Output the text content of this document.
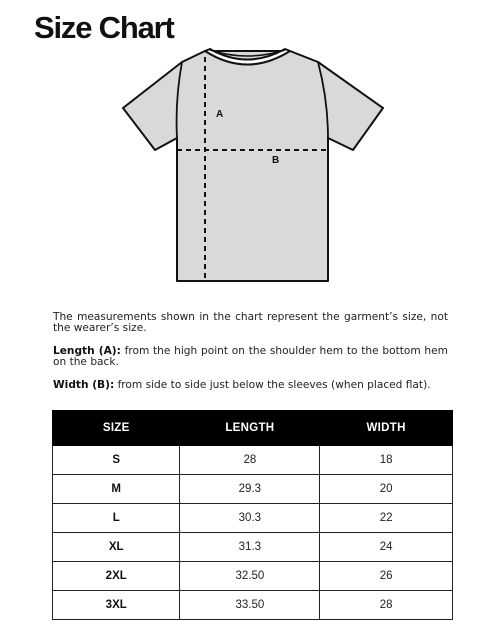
Size Chart
A
B

The measurements shown in the chart represent the garment’s size, not the wearer’s size.

Length (A): from the high point on the shoulder hem to the bottom hem on the back.

Width (B): from side to side just below the sleeves (when placed flat).

SIZE	LENGTH	WIDTH
S	28	18
M	29.3	20
L	30.3	22
XL	31.3	24
2XL	32.50	26
3XL	33.50	28
